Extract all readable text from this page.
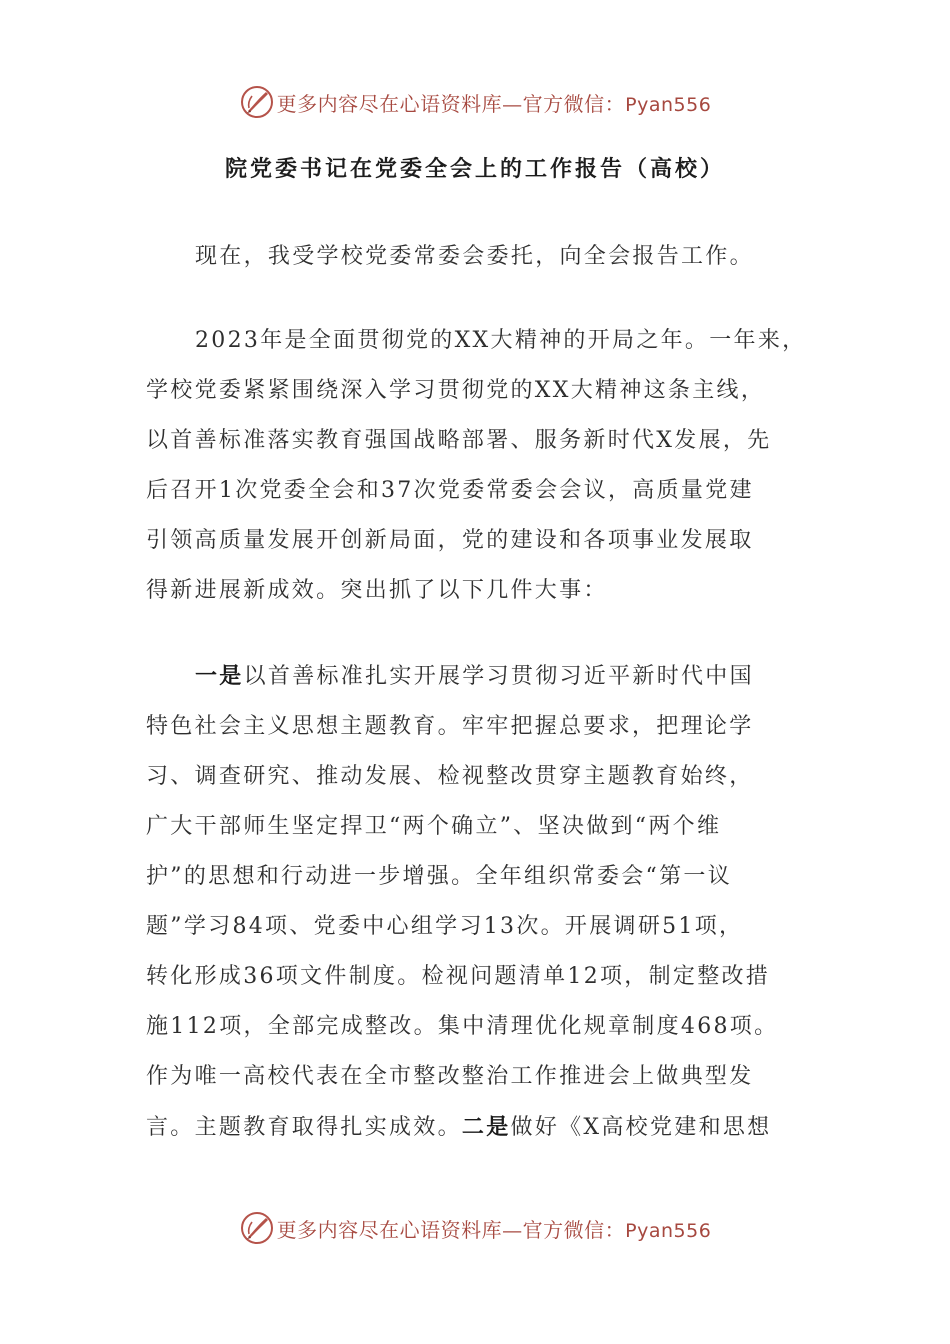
更多内容尽在心语资料库—官方微信：Pyan556
院党委书记在党委全会上的工作报告（高校）
现在，我受学校党委常委会委托，向全会报告工作。
2023年是全面贯彻党的XX大精神的开局之年。一年来，
学校党委紧紧围绕深入学习贯彻党的XX大精神这条主线，
以首善标准落实教育强国战略部署、服务新时代X发展，先
后召开1次党委全会和37次党委常委会会议，高质量党建
引领高质量发展开创新局面，党的建设和各项事业发展取
得新进展新成效。突出抓了以下几件大事：
一是以首善标准扎实开展学习贯彻习近平新时代中国
特色社会主义思想主题教育。牢牢把握总要求，把理论学
习、调查研究、推动发展、检视整改贯穿主题教育始终，
广大干部师生坚定捍卫“两个确立”、坚决做到“两个维
护”的思想和行动进一步增强。全年组织常委会“第一议
题”学习84项、党委中心组学习13次。开展调研51项，
转化形成36项文件制度。检视问题清单12项，制定整改措
施112项，全部完成整改。集中清理优化规章制度468项。
作为唯一高校代表在全市整改整治工作推进会上做典型发
言。主题教育取得扎实成效。二是做好《X高校党建和思想
更多内容尽在心语资料库—官方微信：Pyan556
